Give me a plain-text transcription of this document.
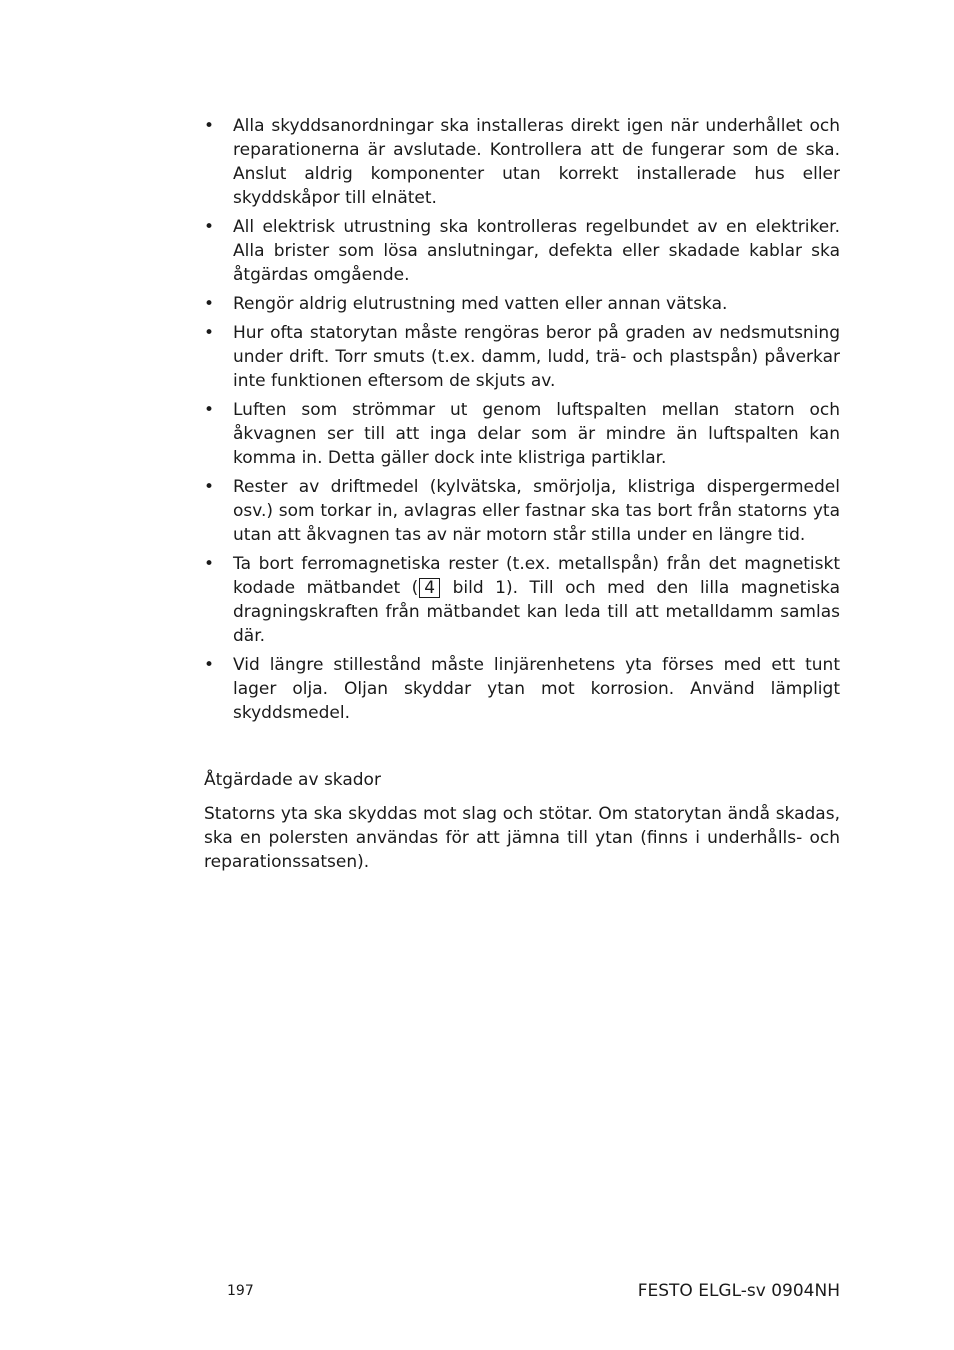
• Alla skyddsanordningar ska installeras direkt igen när underhållet och reparationerna är avslutade. Kontrollera att de fungerar som de ska. Anslut aldrig komponenter utan korrekt installerade hus eller skyddskåpor till elnätet.
• All elektrisk utrustning ska kontrolleras regelbundet av en elektriker. Alla brister som lösa anslutningar, defekta eller skadade kablar ska åtgärdas omgående.
• Rengör aldrig elutrustning med vatten eller annan vätska.
• Hur ofta statorytan måste rengöras beror på graden av nedsmutsning under drift. Torr smuts (t.ex. damm, ludd, trä- och plastspån) påverkar inte funktionen eftersom de skjuts av.
• Luften som strömmar ut genom luftspalten mellan statorn och åkvagnen ser till att inga delar som är mindre än luftspalten kan komma in. Detta gäller dock inte klistriga partiklar.
• Rester av driftmedel (kylvätska, smörjolja, klistriga dispergermedel osv.) som torkar in, avlagras eller fastnar ska tas bort från statorns yta utan att åkvagnen tas av när motorn står stilla under en längre tid.
• Ta bort ferromagnetiska rester (t.ex. metallspån) från det magnetiskt kodade mätbandet ( 4 bild 1). Till och med den lilla magnetiska dragningskraften från mätbandet kan leda till att metalldamm samlas där.
• Vid längre stillestånd måste linjärenhetens yta förses med ett tunt lager olja. Oljan skyddar ytan mot korrosion. Använd lämpligt skyddsmedel.
Åtgärdade av skador

Statorns yta ska skyddas mot slag och stötar. Om statorytan ändå skadas, ska en polersten användas för att jämna till ytan (finns i underhålls- och reparationssatsen).

197	FESTO ELGL-sv 0904NH
